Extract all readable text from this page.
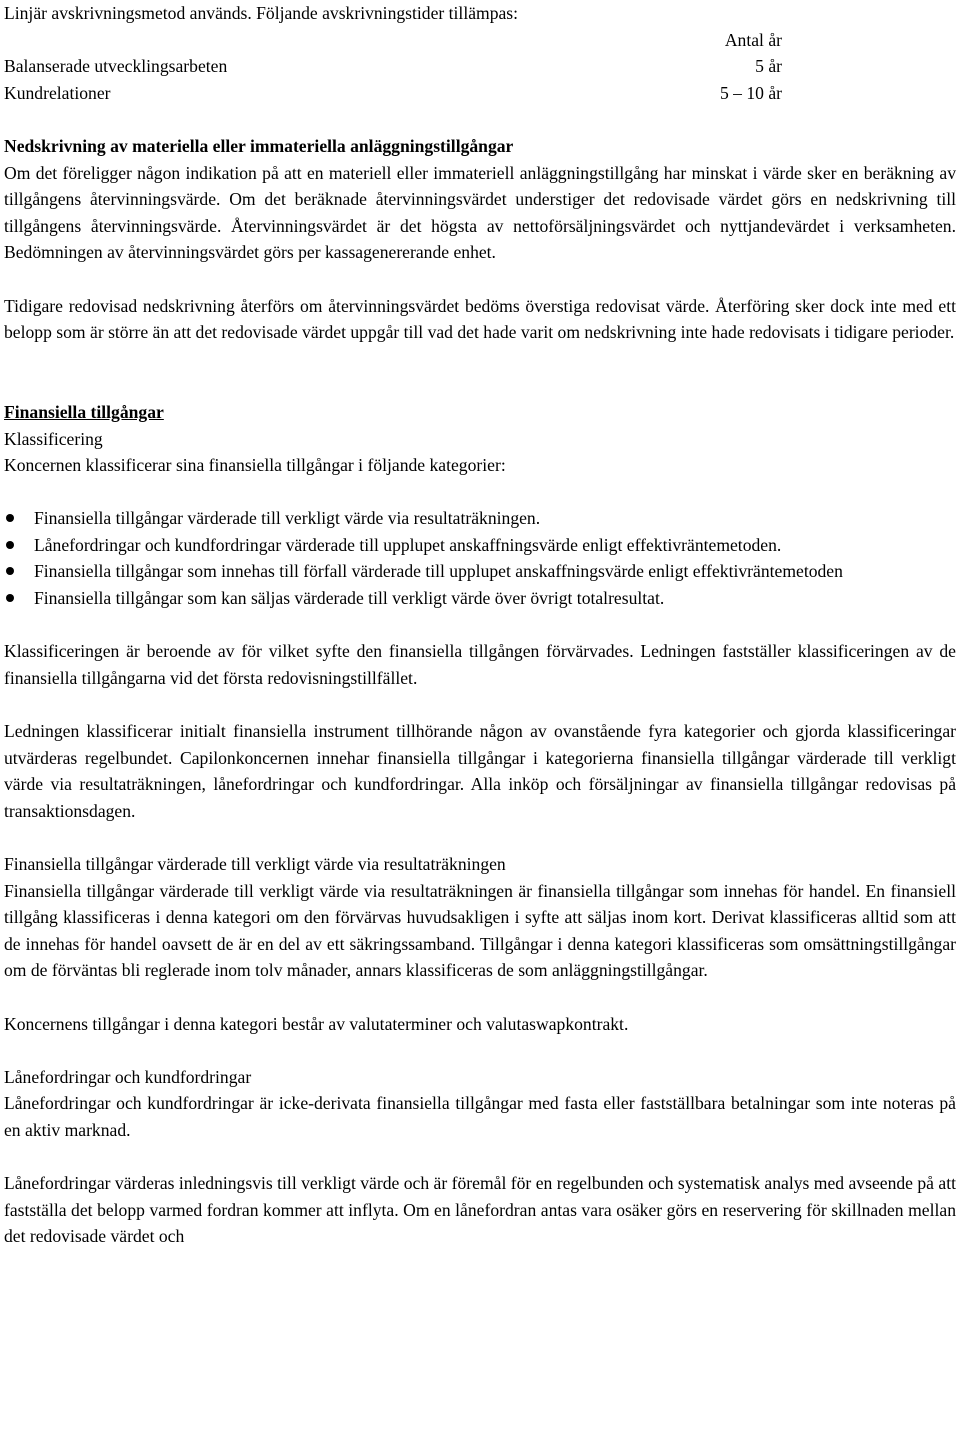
Linjär avskrivningsmetod används. Följande avskrivningstider tillämpas:

Antal år
Balanserade utvecklingsarbeten	5 år
Kundrelationer	5 – 10 år

Nedskrivning av materiella eller immateriella anläggningstillgångar

Om det föreligger någon indikation på att en materiell eller immateriell anläggningstillgång har minskat i värde sker en beräkning av tillgångens återvinningsvärde. Om det beräknade återvinningsvärdet understiger det redovisade värdet görs en nedskrivning till tillgångens återvinningsvärde. Återvinningsvärdet är det högsta av nettoförsäljningsvärdet och nyttjandevärdet i verksamheten. Bedömningen av återvinningsvärdet görs per kassagenererande enhet.

Tidigare redovisad nedskrivning återförs om återvinningsvärdet bedöms överstiga redovisat värde. Återföring sker dock inte med ett belopp som är större än att det redovisade värdet uppgår till vad det hade varit om nedskrivning inte hade redovisats i tidigare perioder.

Finansiella tillgångar

Klassificering

Koncernen klassificerar sina finansiella tillgångar i följande kategorier:

Finansiella tillgångar värderade till verkligt värde via resultaträkningen.
Lånefordringar och kundfordringar värderade till upplupet anskaffningsvärde enligt effektivräntemetoden.
Finansiella tillgångar som innehas till förfall värderade till upplupet anskaffningsvärde enligt effektivräntemetoden
Finansiella tillgångar som kan säljas värderade till verkligt värde över övrigt totalresultat.

Klassificeringen är beroende av för vilket syfte den finansiella tillgången förvärvades. Ledningen fastställer klassificeringen av de finansiella tillgångarna vid det första redovisningstillfället.

Ledningen klassificerar initialt finansiella instrument tillhörande någon av ovanstående fyra kategorier och gjorda klassificeringar utvärderas regelbundet. Capilonkoncernen innehar finansiella tillgångar i kategorierna finansiella tillgångar värderade till verkligt värde via resultaträkningen, lånefordringar och kundfordringar. Alla inköp och försäljningar av finansiella tillgångar redovisas på transaktionsdagen.

Finansiella tillgångar värderade till verkligt värde via resultaträkningen

Finansiella tillgångar värderade till verkligt värde via resultaträkningen är finansiella tillgångar som innehas för handel. En finansiell tillgång klassificeras i denna kategori om den förvärvas huvudsakligen i syfte att säljas inom kort. Derivat klassificeras alltid som att de innehas för handel oavsett de är en del av ett säkringssamband. Tillgångar i denna kategori klassificeras som omsättningstillgångar om de förväntas bli reglerade inom tolv månader, annars klassificeras de som anläggningstillgångar.

Koncernens tillgångar i denna kategori består av valutaterminer och valutaswapkontrakt.

Lånefordringar och kundfordringar

Lånefordringar och kundfordringar är icke-derivata finansiella tillgångar med fasta eller fastställbara betalningar som inte noteras på en aktiv marknad.

Lånefordringar värderas inledningsvis till verkligt värde och är föremål för en regelbunden och systematisk analys med avseende på att fastställa det belopp varmed fordran kommer att inflyta. Om en lånefordran antas vara osäker görs en reservering för skillnaden mellan det redovisade värdet och
